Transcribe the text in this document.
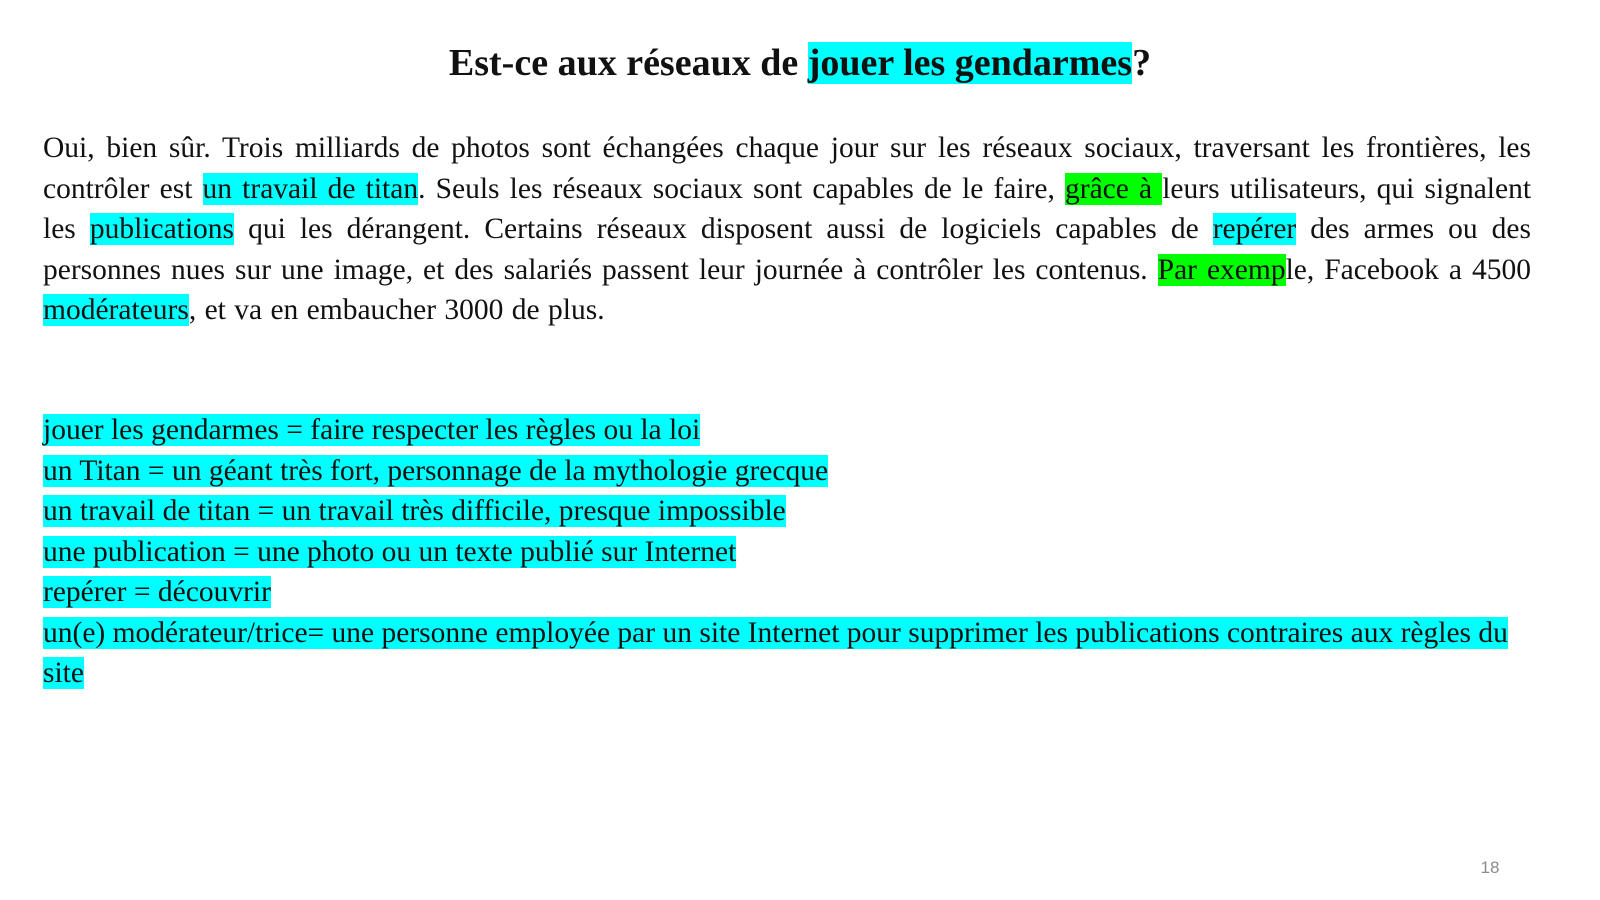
Est-ce aux réseaux de jouer les gendarmes?
Oui, bien sûr. Trois milliards de photos sont échangées chaque jour sur les réseaux sociaux, traversant les frontières, les contrôler est un travail de titan. Seuls les réseaux sociaux sont capables de le faire, grâce à leurs utilisateurs, qui signalent les publications qui les dérangent. Certains réseaux disposent aussi de logiciels capables de repérer des armes ou des personnes nues sur une image, et des salariés passent leur journée à contrôler les contenus. Par exemple, Facebook a 4500 modérateurs, et va en embaucher 3000 de plus.
jouer les gendarmes = faire respecter les règles ou la loi
un Titan = un géant très fort, personnage de la mythologie grecque
un travail de titan = un travail très difficile, presque impossible
une publication = une photo ou un texte publié sur Internet
repérer = découvrir
un(e) modérateur/trice= une personne employée par un site Internet pour supprimer les publications contraires aux règles du site
18
